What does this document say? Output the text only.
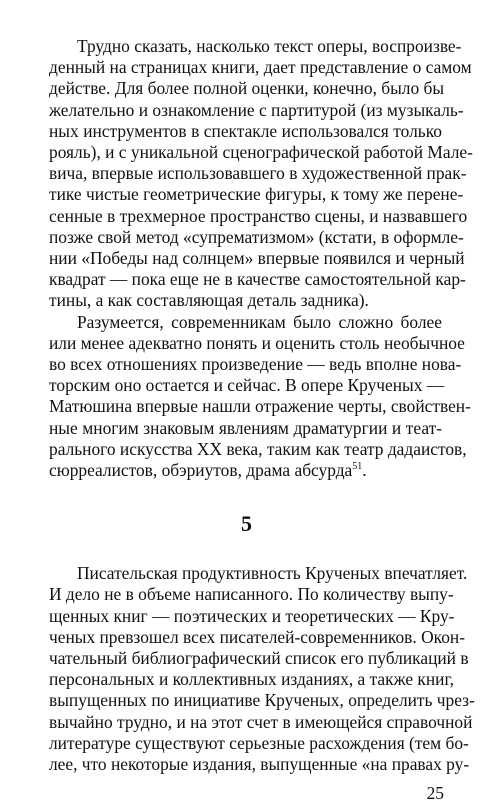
Трудно сказать, насколько текст оперы, воспроизве-
денный на страницах книги, дает представление о самом
действе. Для более полной оценки, конечно, было бы
желательно и ознакомление с партитурой (из музыкаль-
ных инструментов в спектакле использовался только
рояль), и с уникальной сценографической работой Мале-
вича, впервые использовавшего в художественной прак-
тике чистые геометрические фигуры, к тому же перене-
сенные в трехмерное пространство сцены, и назвавшего
позже свой метод «супрематизмом» (кстати, в оформле-
нии «Победы над солнцем» впервые появился и черный
квадрат — пока еще не в качестве самостоятельной кар-
тины, а как составляющая деталь задника).
Разумеется, современникам было сложно более
или менее адекватно понять и оценить столь необычное
во всех отношениях произведение — ведь вполне нова-
торским оно остается и сейчас. В опере Крученых —
Матюшина впервые нашли отражение черты, свойствен-
ные многим знаковым явлениям драматургии и теат-
рального искусства XX века, таким как театр дадаистов,
сюрреалистов, обэриутов, драма абсурда$^{51}$.
5
Писательская продуктивность Крученых впечатляет.
И дело не в объеме написанного. По количеству выпу-
щенных книг — поэтических и теоретических — Кру-
ченых превзошел всех писателей-современников. Окон-
чательный библиографический список его публикаций в
персональных и коллективных изданиях, а также книг,
выпущенных по инициативе Крученых, определить чрез-
вычайно трудно, и на этот счет в имеющейся справочной
литературе существуют серьезные расхождения (тем бо-
лее, что некоторые издания, выпущенные «на правах ру-
25
